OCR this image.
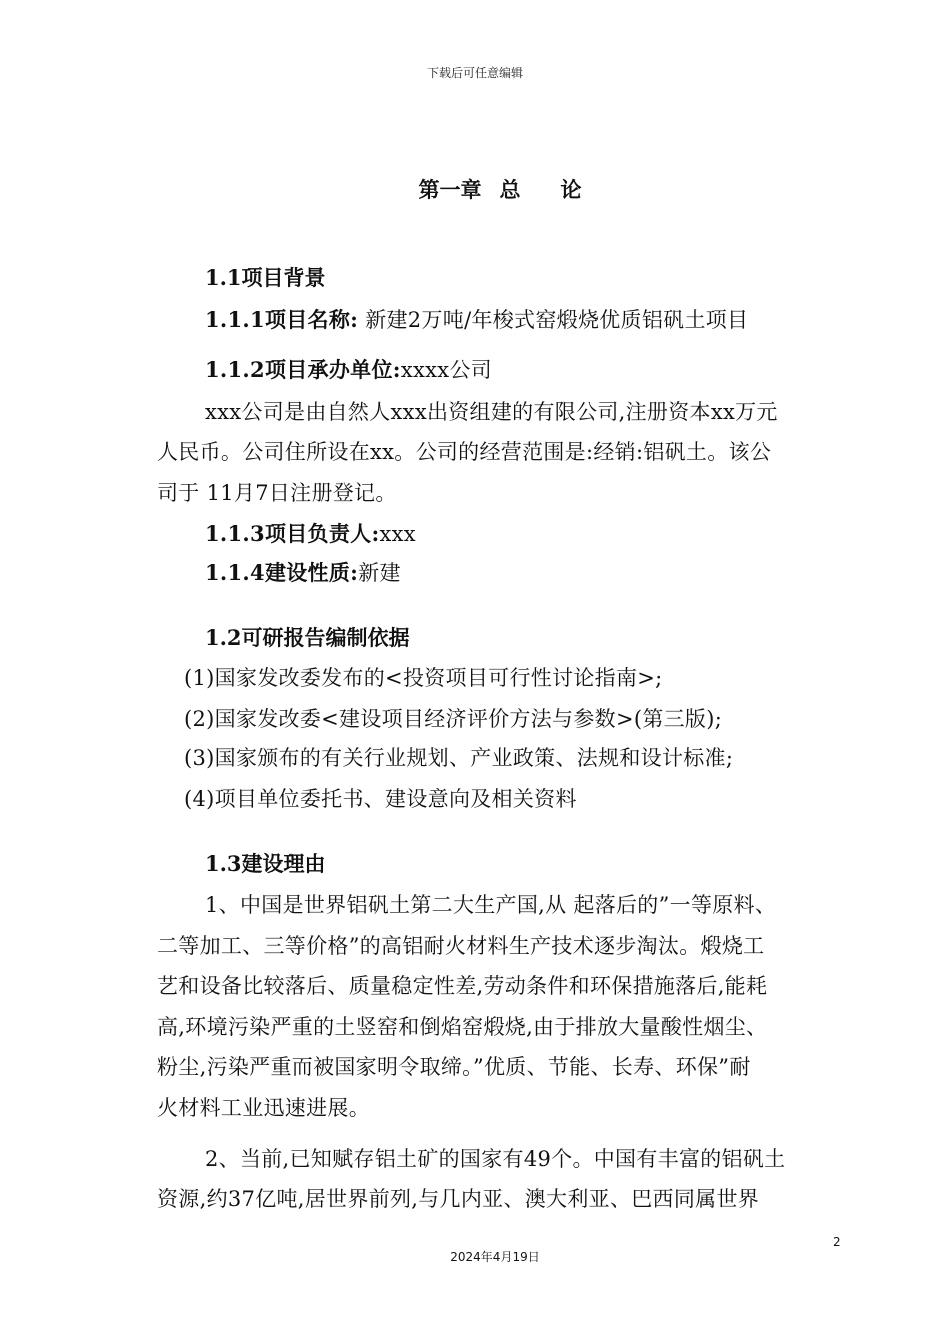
下载后可任意编辑
第一章 总 论
1.1项目背景
1.1.1项目名称: 新建2万吨/年梭式窑煅烧优质铝矾土项目
1.1.2项目承办单位:xxxx公司
xxx公司是由自然人xxx出资组建的有限公司,注册资本xx万元
人民币。公司住所设在xx。公司的经营范围是:经销:铝矾土。该公
司于 11月7日注册登记。
1.1.3项目负责人:xxx
1.1.4建设性质:新建
1.2可研报告编制依据
(1)国家发改委发布的<投资项目可行性讨论指南>;
(2)国家发改委<建设项目经济评价方法与参数>(第三版);
(3)国家颁布的有关行业规划、产业政策、法规和设计标准;
(4)项目单位委托书、建设意向及相关资料
1.3建设理由
1、中国是世界铝矾土第二大生产国,从 起落后的”一等原料、
二等加工、三等价格”的高铝耐火材料生产技术逐步淘汰。煅烧工
艺和设备比较落后、质量稳定性差,劳动条件和环保措施落后,能耗
高,环境污染严重的土竖窑和倒焰窑煅烧,由于排放大量酸性烟尘、
粉尘,污染严重而被国家明令取缔。”优质、节能、长寿、环保”耐
火材料工业迅速进展。
2、当前,已知赋存铝土矿的国家有49个。中国有丰富的铝矾土
资源,约37亿吨,居世界前列,与几内亚、澳大利亚、巴西同属世界
2
2024年4月19日
